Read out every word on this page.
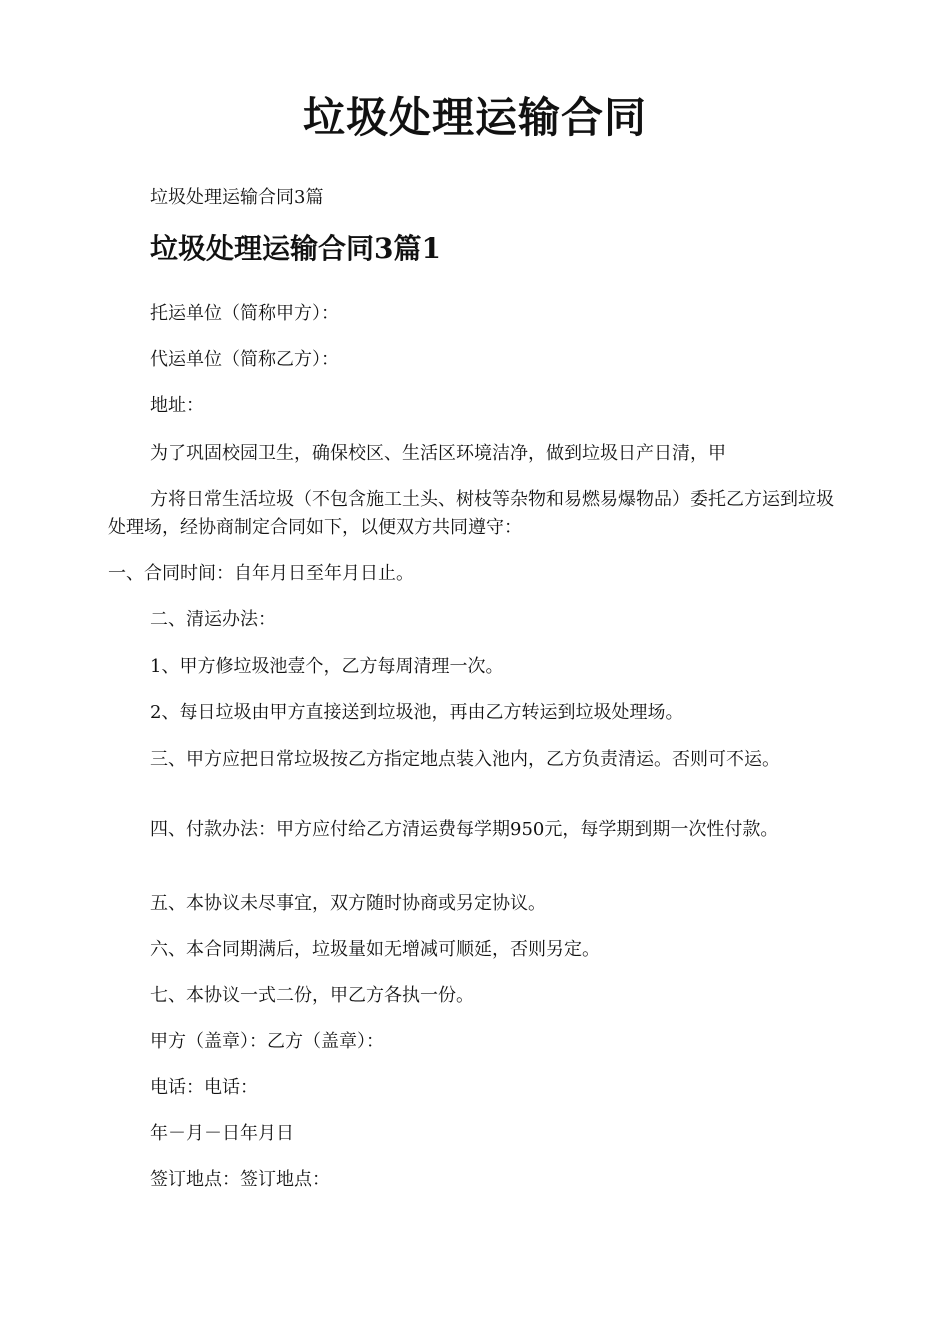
垃圾处理运输合同
垃圾处理运输合同3篇
垃圾处理运输合同3篇1
托运单位（简称甲方）：
代运单位（简称乙方）：
地址：
为了巩固校园卫生，确保校区、生活区环境洁净，做到垃圾日产日清，甲
方将日常生活垃圾（不包含施工土头、树枝等杂物和易燃易爆物品）委托乙方运到垃圾处理场，经协商制定合同如下，以便双方共同遵守：
一、合同时间：自年月日至年月日止。
二、清运办法：
1、甲方修垃圾池壹个，乙方每周清理一次。
2、每日垃圾由甲方直接送到垃圾池，再由乙方转运到垃圾处理场。
三、甲方应把日常垃圾按乙方指定地点装入池内，乙方负责清运。否则可不运。
四、付款办法：甲方应付给乙方清运费每学期950元，每学期到期一次性付款。
五、本协议未尽事宜，双方随时协商或另定协议。
六、本合同期满后，垃圾量如无增减可顺延，否则另定。
七、本协议一式二份，甲乙方各执一份。
甲方（盖章）：乙方（盖章）：
电话：电话：
年－月－日年月日
签订地点：签订地点：
